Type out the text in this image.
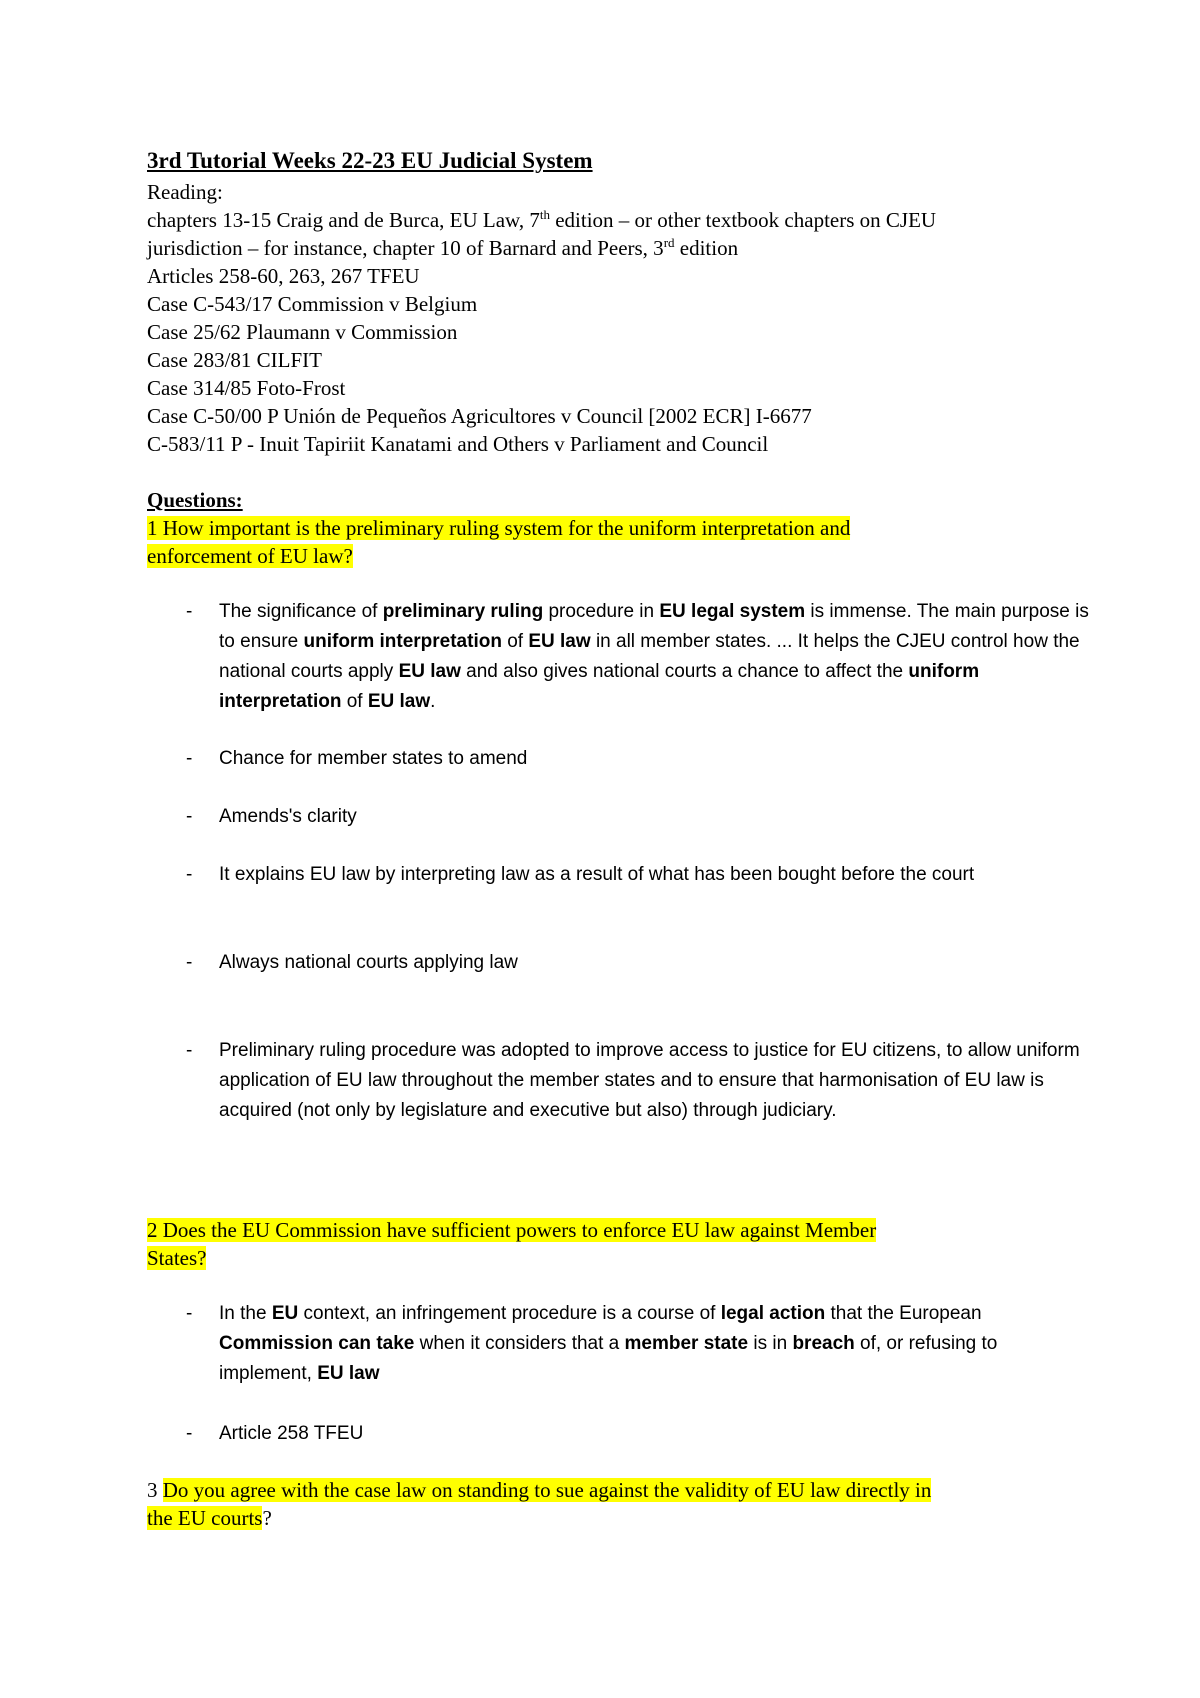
3rd Tutorial Weeks 22-23 EU Judicial System
Reading:
chapters 13-15 Craig and de Burca, EU Law, 7th edition – or other textbook chapters on CJEU
jurisdiction – for instance, chapter 10 of Barnard and Peers, 3rd edition
Articles 258-60, 263, 267 TFEU
Case C-543/17 Commission v Belgium
Case 25/62 Plaumann v Commission
Case 283/81 CILFIT
Case 314/85 Foto-Frost
Case C-50/00 P Unión de Pequeños Agricultores v Council [2002 ECR] I-6677
C-583/11 P - Inuit Tapiriit Kanatami and Others v Parliament and Council
Questions:
1 How important is the preliminary ruling system for the uniform interpretation and
enforcement of EU law?
- The significance of preliminary ruling procedure in EU legal system is immense. The main purpose is to ensure uniform interpretation of EU law in all member states. ... It helps the CJEU control how the national courts apply EU law and also gives national courts a chance to affect the uniform interpretation of EU law.
- Chance for member states to amend
- Amends's clarity
- It explains EU law by interpreting law as a result of what has been bought before the court
- Always national courts applying law
- Preliminary ruling procedure was adopted to improve access to justice for EU citizens, to allow uniform application of EU law throughout the member states and to ensure that harmonisation of EU law is acquired (not only by legislature and executive but also) through judiciary.
2 Does the EU Commission have sufficient powers to enforce EU law against Member
States?
- In the EU context, an infringement procedure is a course of legal action that the European Commission can take when it considers that a member state is in breach of, or refusing to implement, EU law
- Article 258 TFEU
3 Do you agree with the case law on standing to sue against the validity of EU law directly in
the EU courts?
